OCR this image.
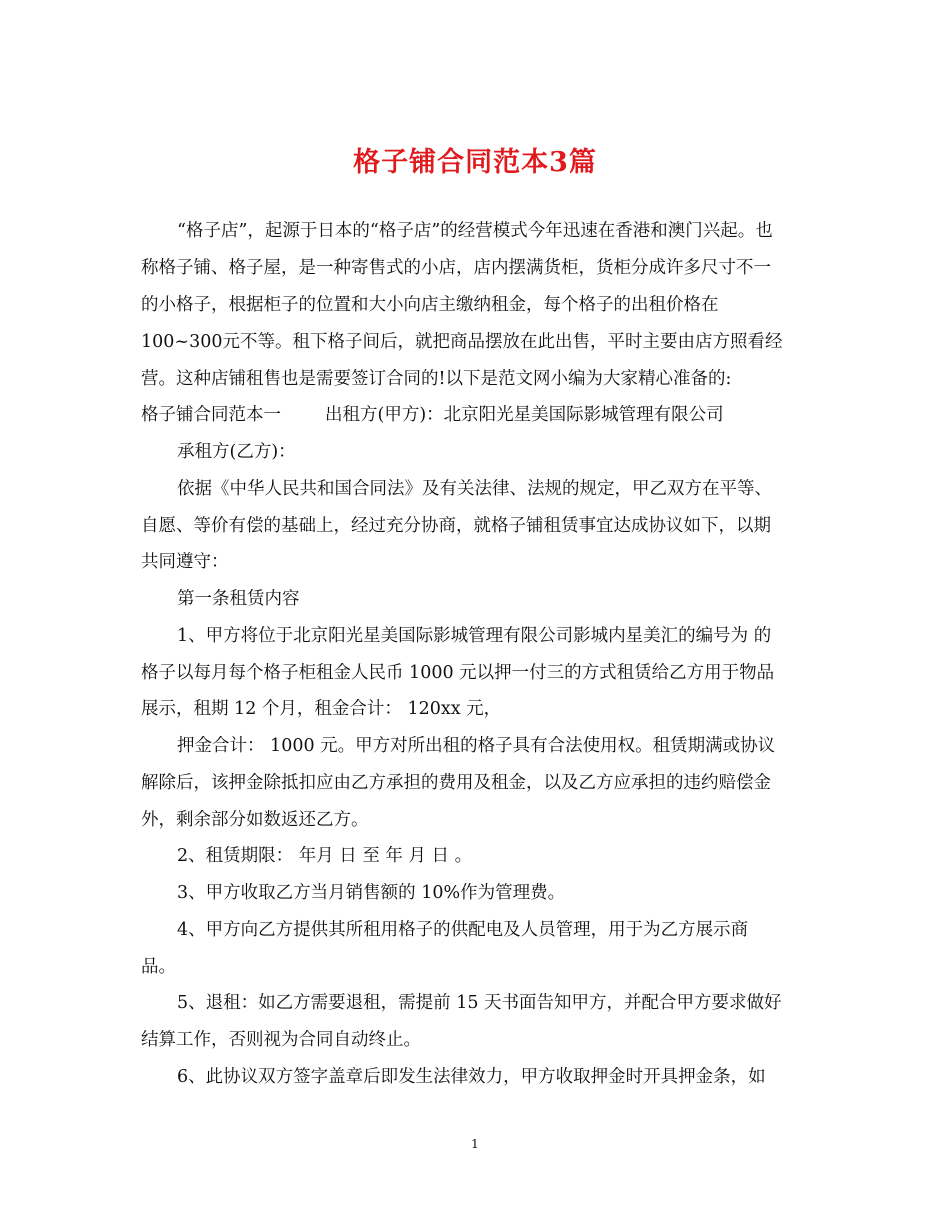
格子铺合同范本3篇
“格子店”，起源于日本的“格子店”的经营模式今年迅速在香港和澳门兴起。也
称格子铺、格子屋，是一种寄售式的小店，店内摆满货柜，货柜分成许多尺寸不一
的小格子，根据柜子的位置和大小向店主缴纳租金，每个格子的出租价格在
100~300元不等。租下格子间后，就把商品摆放在此出售，平时主要由店方照看经
营。这种店铺租售也是需要签订合同的!以下是范文网小编为大家精心准备的:
格子铺合同范本一	出租方(甲方)：北京阳光星美国际影城管理有限公司
承租方(乙方)：
依据《中华人民共和国合同法》及有关法律、法规的规定，甲乙双方在平等、
自愿、等价有偿的基础上，经过充分协商，就格子铺租赁事宜达成协议如下，以期
共同遵守：
第一条租赁内容
1、甲方将位于北京阳光星美国际影城管理有限公司影城内星美汇的编号为 的
格子以每月每个格子柜租金人民币 1000 元以押一付三的方式租赁给乙方用于物品
展示，租期 12 个月，租金合计： 120xx 元，
押金合计： 1000 元。甲方对所出租的格子具有合法使用权。租赁期满或协议
解除后，该押金除抵扣应由乙方承担的费用及租金，以及乙方应承担的违约赔偿金
外，剩余部分如数返还乙方。
2、租赁期限： 年月 日 至 年 月 日 。
3、甲方收取乙方当月销售额的 10%作为管理费。
4、甲方向乙方提供其所租用格子的供配电及人员管理，用于为乙方展示商
品。
5、退租：如乙方需要退租，需提前 15 天书面告知甲方，并配合甲方要求做好
结算工作，否则视为合同自动终止。
6、此协议双方签字盖章后即发生法律效力，甲方收取押金时开具押金条，如
1
